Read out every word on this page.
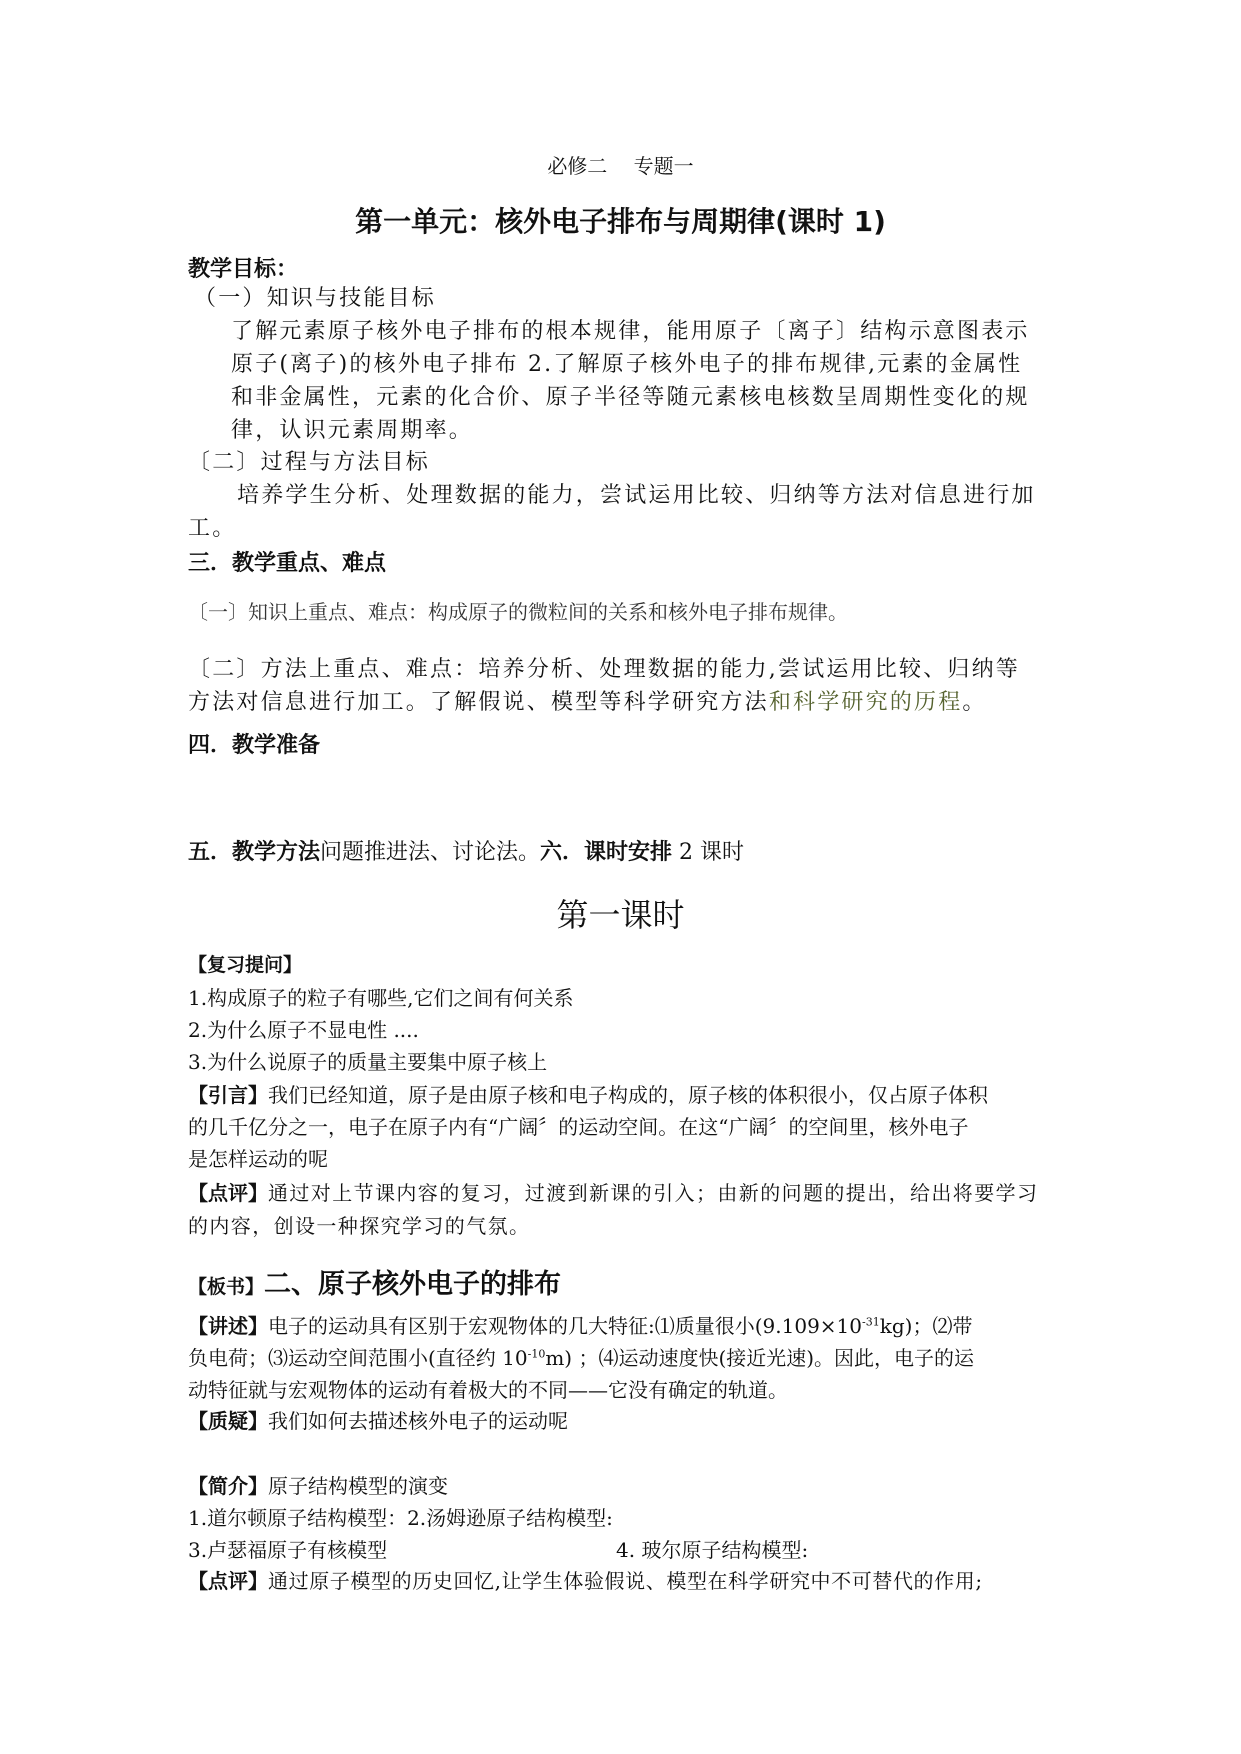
必修二　 专题一
第一单元：核外电子排布与周期律(课时 1)
教学目标：
（一）知识与技能目标
了解元素原子核外电子排布的根本规律，能用原子〔离子〕结构示意图表示
原子(离子)的核外电子排布 2.了解原子核外电子的排布规律,元素的金属性
和非金属性，元素的化合价、原子半径等随元素核电核数呈周期性变化的规
律，认识元素周期率。
〔二〕过程与方法目标
培养学生分析、处理数据的能力，尝试运用比较、归纳等方法对信息进行加
工。
三．教学重点、难点
〔一〕知识上重点、难点：构成原子的微粒间的关系和核外电子排布规律。
〔二〕方法上重点、难点：培养分析、处理数据的能力,尝试运用比较、归纳等
方法对信息进行加工。了解假说、模型等科学研究方法和科学研究的历程。
四．教学准备
五．教学方法问题推进法、讨论法。六．课时安排 2 课时
第一课时
【复习提问】
1.构成原子的粒子有哪些,它们之间有何关系
2.为什么原子不显电性 ....
3.为什么说原子的质量主要集中原子核上
【引言】我们已经知道，原子是由原子核和电子构成的，原子核的体积很小，仅占原子体积
的几千亿分之一，电子在原子内有“广阔〞的运动空间。在这“广阔〞的空间里，核外电子
是怎样运动的呢
【点评】通过对上节课内容的复习，过渡到新课的引入；由新的问题的提出，给出将要学习
的内容，创设一种探究学习的气氛。
【板书】二、原子核外电子的排布
【讲述】电子的运动具有区别于宏观物体的几大特征:⑴质量很小$(9.109\times 10^{-31}kg)$；⑵带
负电荷；⑶运动空间范围小(直径约 $10^{-10}m$) ；⑷运动速度快(接近光速)。因此，电子的运
动特征就与宏观物体的运动有着极大的不同——它没有确定的轨道。
【质疑】我们如何去描述核外电子的运动呢
【简介】原子结构模型的演变
1.道尔顿原子结构模型：2.汤姆逊原子结构模型:
3.卢瑟福原子有核模型	4. 玻尔原子结构模型:
【点评】通过原子模型的历史回忆,让学生体验假说、模型在科学研究中不可替代的作用;
